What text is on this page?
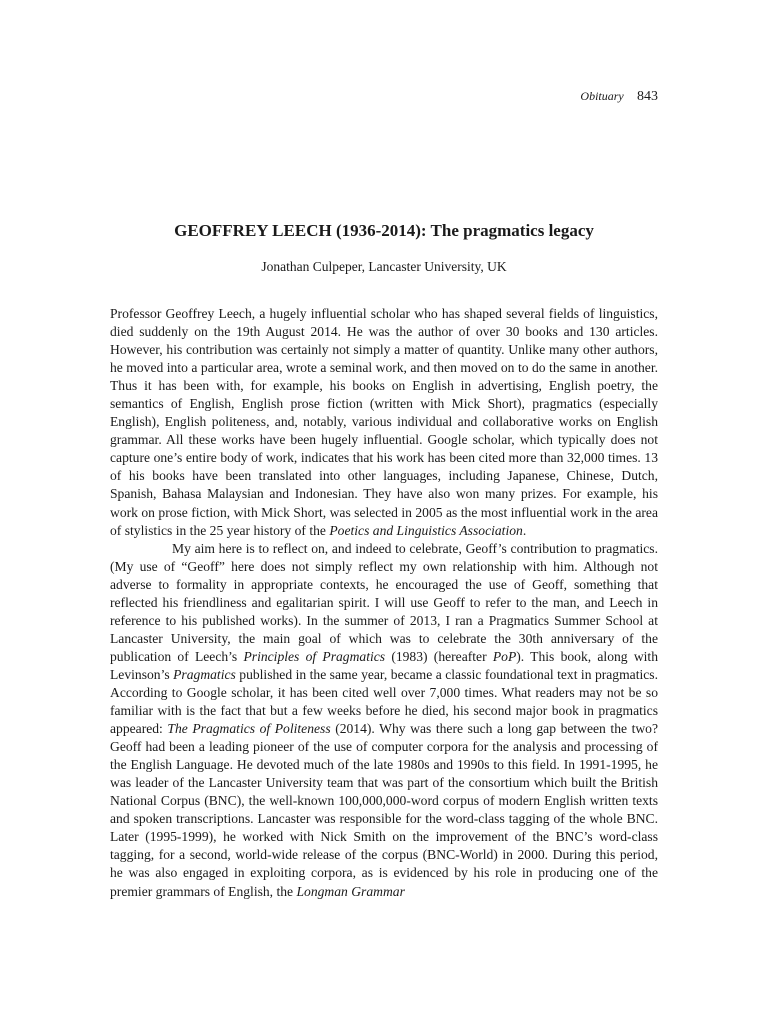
Obituary 843
GEOFFREY LEECH (1936-2014): The pragmatics legacy

Jonathan Culpeper, Lancaster University, UK

Professor Geoffrey Leech, a hugely influential scholar who has shaped several fields of linguistics, died suddenly on the 19th August 2014. He was the author of over 30 books and 130 articles. However, his contribution was certainly not simply a matter of quantity. Unlike many other authors, he moved into a particular area, wrote a seminal work, and then moved on to do the same in another. Thus it has been with, for example, his books on English in advertising, English poetry, the semantics of English, English prose fiction (written with Mick Short), pragmatics (especially English), English politeness, and, notably, various individual and collaborative works on English grammar. All these works have been hugely influential. Google scholar, which typically does not capture one’s entire body of work, indicates that his work has been cited more than 32,000 times. 13 of his books have been translated into other languages, including Japanese, Chinese, Dutch, Spanish, Bahasa Malaysian and Indonesian. They have also won many prizes. For example, his work on prose fiction, with Mick Short, was selected in 2005 as the most influential work in the area of stylistics in the 25 year history of the Poetics and Linguistics Association.

My aim here is to reflect on, and indeed to celebrate, Geoff’s contribution to pragmatics. (My use of “Geoff” here does not simply reflect my own relationship with him. Although not adverse to formality in appropriate contexts, he encouraged the use of Geoff, something that reflected his friendliness and egalitarian spirit. I will use Geoff to refer to the man, and Leech in reference to his published works). In the summer of 2013, I ran a Pragmatics Summer School at Lancaster University, the main goal of which was to celebrate the 30th anniversary of the publication of Leech’s Principles of Pragmatics (1983) (hereafter PoP). This book, along with Levinson’s Pragmatics published in the same year, became a classic foundational text in pragmatics. According to Google scholar, it has been cited well over 7,000 times. What readers may not be so familiar with is the fact that but a few weeks before he died, his second major book in pragmatics appeared: The Pragmatics of Politeness (2014). Why was there such a long gap between the two? Geoff had been a leading pioneer of the use of computer corpora for the analysis and processing of the English Language. He devoted much of the late 1980s and 1990s to this field. In 1991-1995, he was leader of the Lancaster University team that was part of the consortium which built the British National Corpus (BNC), the well-known 100,000,000-word corpus of modern English written texts and spoken transcriptions. Lancaster was responsible for the word-class tagging of the whole BNC. Later (1995-1999), he worked with Nick Smith on the improvement of the BNC’s word-class tagging, for a second, world-wide release of the corpus (BNC-World) in 2000. During this period, he was also engaged in exploiting corpora, as is evidenced by his role in producing one of the premier grammars of English, the Longman Grammar
